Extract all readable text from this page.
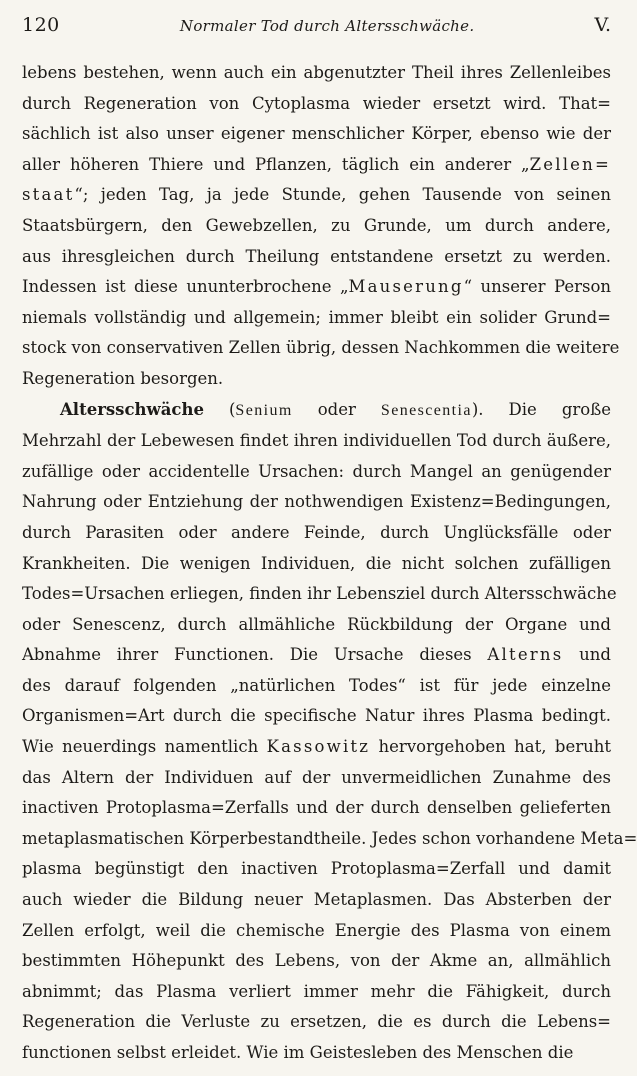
120	Normaler Tod durch Altersschwäche.	V.
lebens bestehen, wenn auch ein abgenutzter Theil ihres Zellenleibes
durch Regeneration von Cytoplasma wieder ersetzt wird. That=
sächlich ist also unser eigener menschlicher Körper, ebenso wie der
aller höheren Thiere und Pflanzen, täglich ein anderer „Zellen=
staat“; jeden Tag, ja jede Stunde, gehen Tausende von seinen
Staatsbürgern, den Gewebzellen, zu Grunde, um durch andere,
aus ihresgleichen durch Theilung entstandene ersetzt zu werden.
Indessen ist diese ununterbrochene „Mauserung“ unserer Person
niemals vollständig und allgemein; immer bleibt ein solider Grund=
stock von conservativen Zellen übrig, dessen Nachkommen die weitere
Regeneration besorgen.
Altersschwäche (Senium oder Senescentia). Die große
Mehrzahl der Lebewesen findet ihren individuellen Tod durch äußere,
zufällige oder accidentelle Ursachen: durch Mangel an genügender
Nahrung oder Entziehung der nothwendigen Existenz=Bedingungen,
durch Parasiten oder andere Feinde, durch Unglücksfälle oder
Krankheiten. Die wenigen Individuen, die nicht solchen zufälligen
Todes=Ursachen erliegen, finden ihr Lebensziel durch Altersschwäche
oder Senescenz, durch allmähliche Rückbildung der Organe und
Abnahme ihrer Functionen. Die Ursache dieses Alterns und
des darauf folgenden „natürlichen Todes“ ist für jede einzelne
Organismen=Art durch die specifische Natur ihres Plasma bedingt.
Wie neuerdings namentlich Kassowitz hervorgehoben hat, beruht
das Altern der Individuen auf der unvermeidlichen Zunahme des
inactiven Protoplasma=Zerfalls und der durch denselben gelieferten
metaplasmatischen Körperbestandtheile. Jedes schon vorhandene Meta=
plasma begünstigt den inactiven Protoplasma=Zerfall und damit
auch wieder die Bildung neuer Metaplasmen. Das Absterben der
Zellen erfolgt, weil die chemische Energie des Plasma von einem
bestimmten Höhepunkt des Lebens, von der Akme an, allmählich
abnimmt; das Plasma verliert immer mehr die Fähigkeit, durch
Regeneration die Verluste zu ersetzen, die es durch die Lebens=
functionen selbst erleidet. Wie im Geistesleben des Menschen die
